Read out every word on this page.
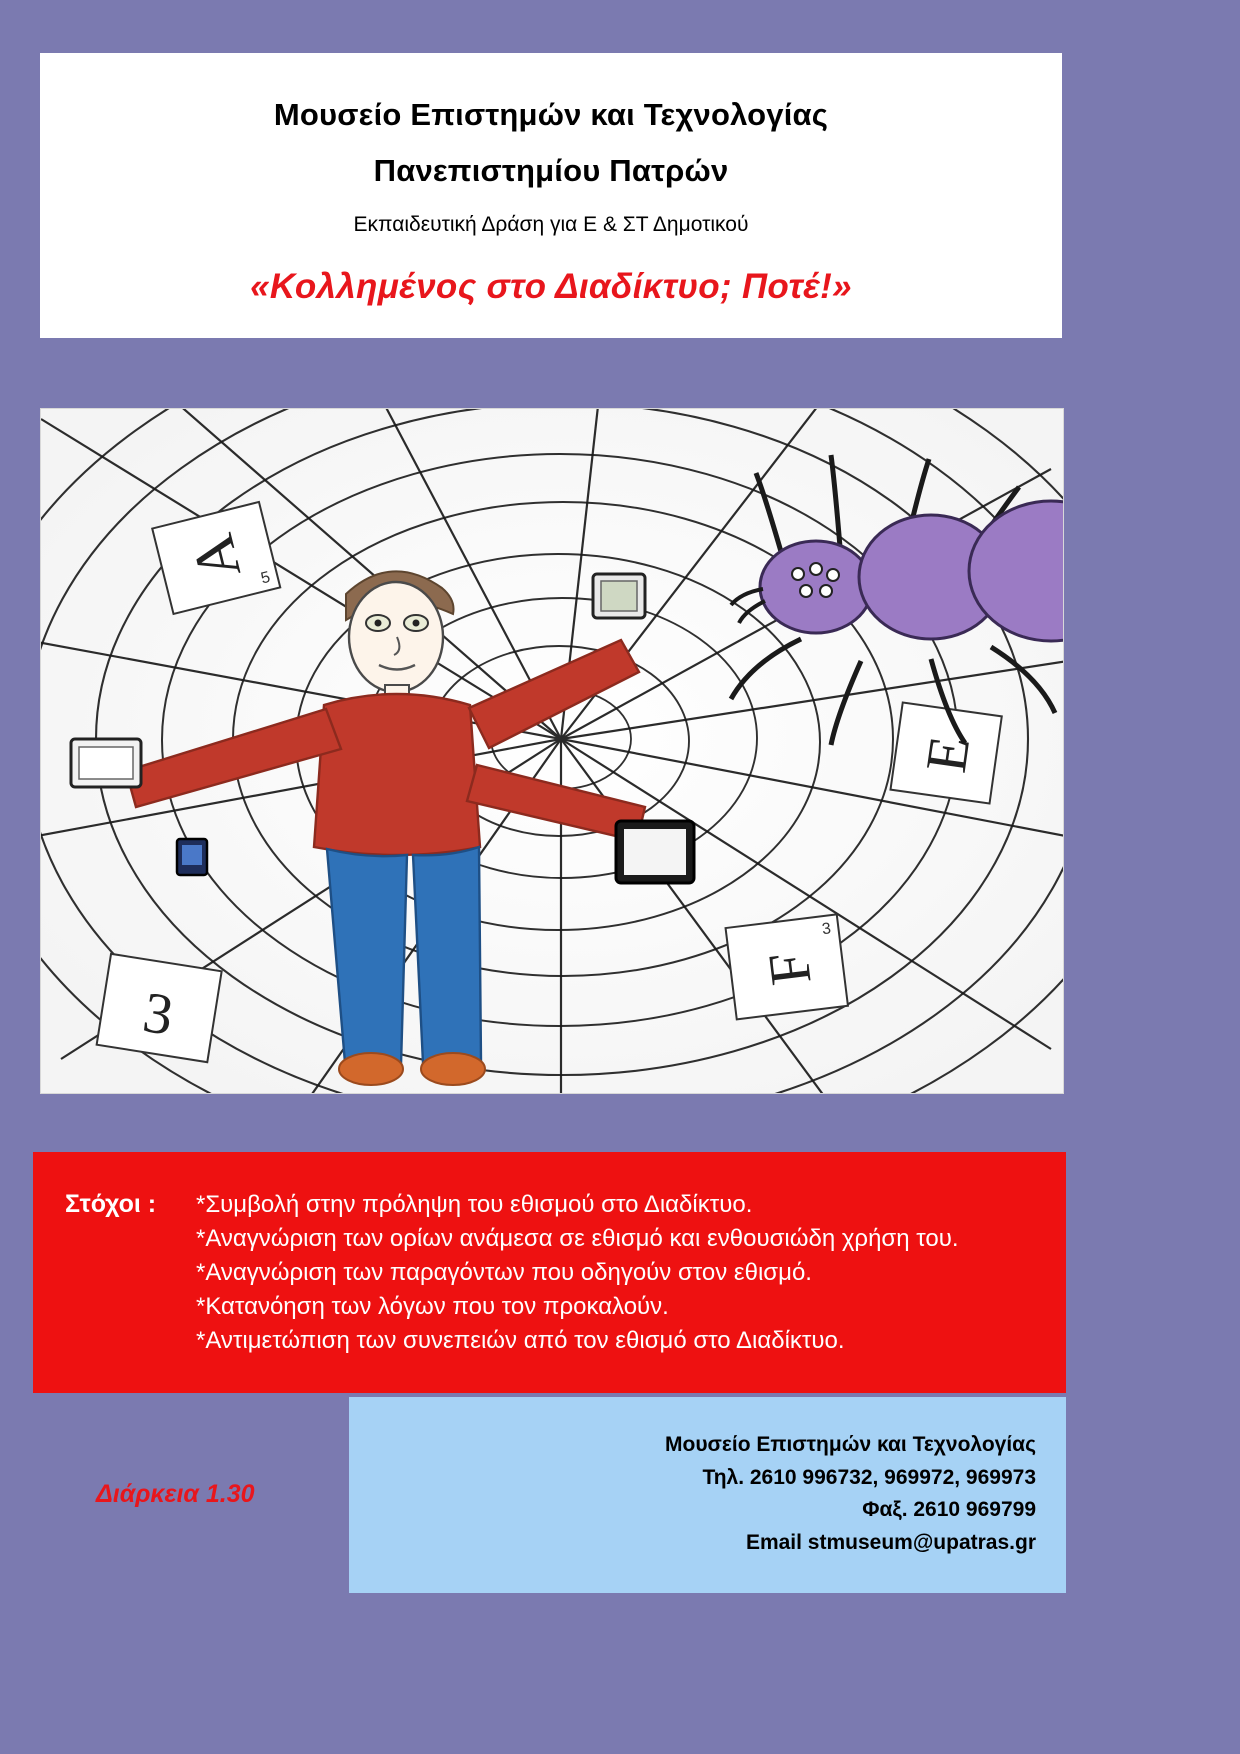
Μουσείο Επιστημών και Τεχνολογίας
Πανεπιστημίου Πατρών
Εκπαιδευτική Δράση για Ε & ΣΤ Δημοτικού
«Κολλημένος στο Διαδίκτυο; Ποτέ!»
A 5
E
F
3
3
Στόχοι : *Συμβολή στην πρόληψη του εθισμού στο Διαδίκτυο.
*Αναγνώριση των ορίων ανάμεσα σε εθισμό και ενθουσιώδη χρήση του.
*Αναγνώριση των παραγόντων που οδηγούν στον εθισμό.
*Κατανόηση των λόγων που τον προκαλούν.
*Αντιμετώπιση των συνεπειών από τον εθισμό στο Διαδίκτυο.
Διάρκεια 1.30
Μουσείο Επιστημών και Τεχνολογίας
Τηλ. 2610 996732, 969972, 969973
Φαξ. 2610 969799
Email stmuseum@upatras.gr
